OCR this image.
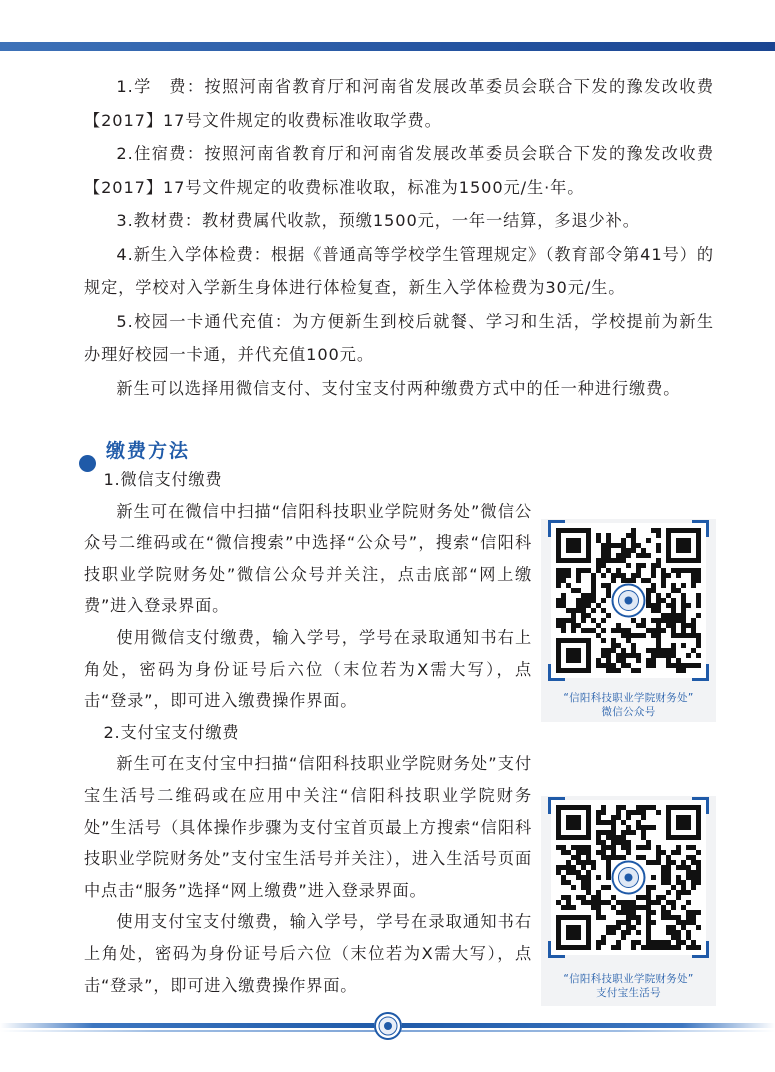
1.学　费：按照河南省教育厅和河南省发展改革委员会联合下发的豫发改收费【2017】17号文件规定的收费标准收取学费。

2.住宿费：按照河南省教育厅和河南省发展改革委员会联合下发的豫发改收费【2017】17号文件规定的收费标准收取，标准为1500元/生·年。

3.教材费：教材费属代收款，预缴1500元，一年一结算，多退少补。

4.新生入学体检费：根据《普通高等学校学生管理规定》（教育部令第41号）的规定，学校对入学新生身体进行体检复查，新生入学体检费为30元/生。

5.校园一卡通代充值：为方便新生到校后就餐、学习和生活，学校提前为新生办理好校园一卡通，并代充值100元。

新生可以选择用微信支付、支付宝支付两种缴费方式中的任一种进行缴费。

缴费方法

1.微信支付缴费

新生可在微信中扫描“信阳科技职业学院财务处”微信公众号二维码或在“微信搜索”中选择“公众号”，搜索“信阳科技职业学院财务处”微信公众号并关注，点击底部“网上缴费”进入登录界面。

使用微信支付缴费，输入学号，学号在录取通知书右上角处，密码为身份证号后六位（末位若为X需大写），点击“登录”，即可进入缴费操作界面。

2.支付宝支付缴费

新生可在支付宝中扫描“信阳科技职业学院财务处”支付宝生活号二维码或在应用中关注“信阳科技职业学院财务处”生活号（具体操作步骤为支付宝首页最上方搜索“信阳科技职业学院财务处”支付宝生活号并关注），进入生活号页面中点击“服务”选择“网上缴费”进入登录界面。

使用支付宝支付缴费，输入学号，学号在录取通知书右上角处，密码为身份证号后六位（末位若为X需大写），点击“登录”，即可进入缴费操作界面。

“信阳科技职业学院财务处”
微信公众号
“信阳科技职业学院财务处”
支付宝生活号
